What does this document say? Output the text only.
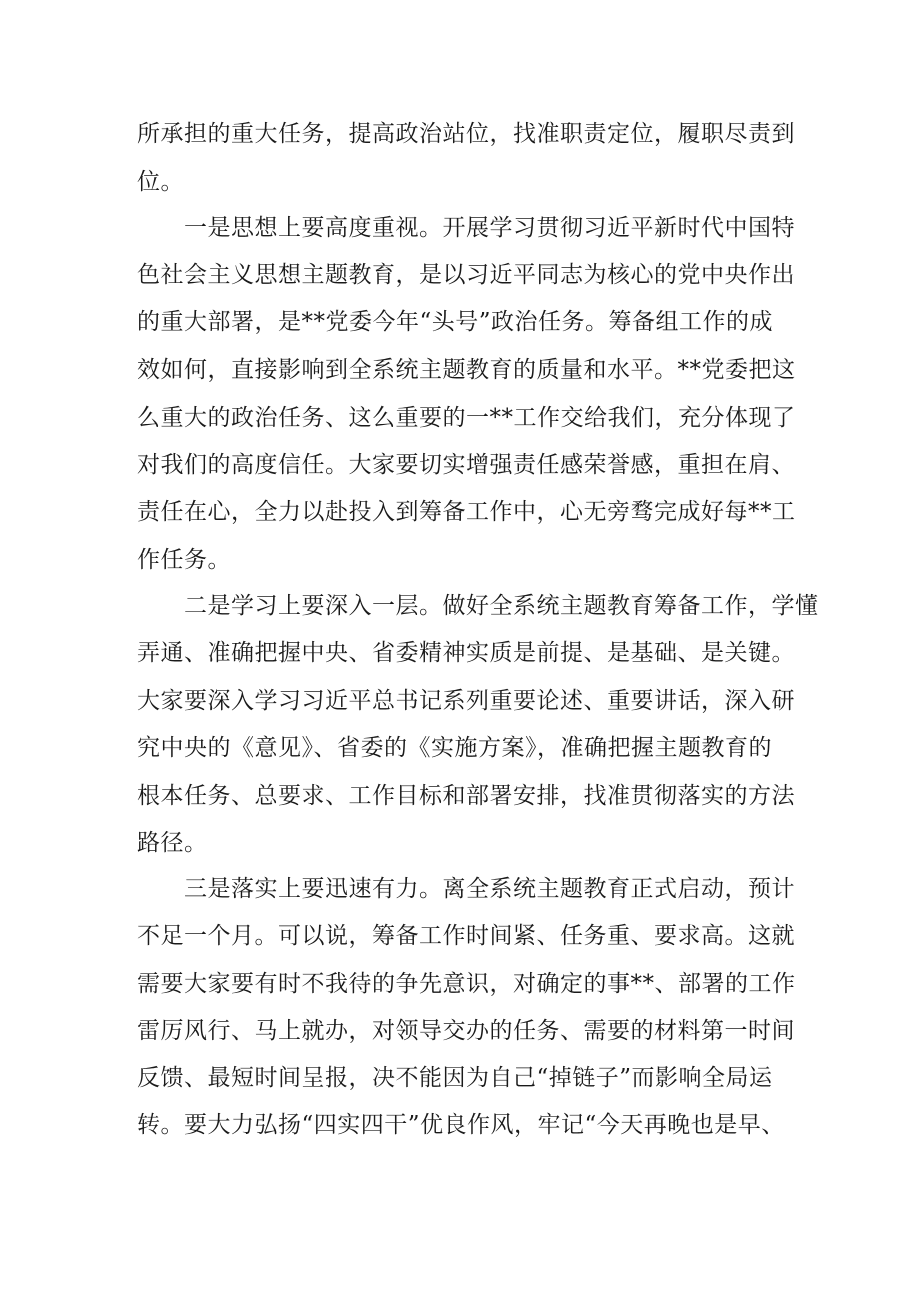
所承担的重大任务，提高政治站位，找准职责定位，履职尽责到
位。
一是思想上要高度重视。开展学习贯彻习近平新时代中国特
色社会主义思想主题教育，是以习近平同志为核心的党中央作出
的重大部署，是**党委今年“头号”政治任务。筹备组工作的成
效如何，直接影响到全系统主题教育的质量和水平。**党委把这
么重大的政治任务、这么重要的一**工作交给我们，充分体现了
对我们的高度信任。大家要切实增强责任感荣誉感，重担在肩、
责任在心，全力以赴投入到筹备工作中，心无旁骛完成好每**工
作任务。
二是学习上要深入一层。做好全系统主题教育筹备工作，学懂
弄通、准确把握中央、省委精神实质是前提、是基础、是关键。
大家要深入学习习近平总书记系列重要论述、重要讲话，深入研
究中央的《意见》、省委的《实施方案》，准确把握主题教育的
根本任务、总要求、工作目标和部署安排，找准贯彻落实的方法
路径。
三是落实上要迅速有力。离全系统主题教育正式启动，预计
不足一个月。可以说，筹备工作时间紧、任务重、要求高。这就
需要大家要有时不我待的争先意识，对确定的事**、部署的工作
雷厉风行、马上就办，对领导交办的任务、需要的材料第一时间
反馈、最短时间呈报，决不能因为自己“掉链子”而影响全局运
转。要大力弘扬“四实四干”优良作风，牢记“今天再晚也是早、
